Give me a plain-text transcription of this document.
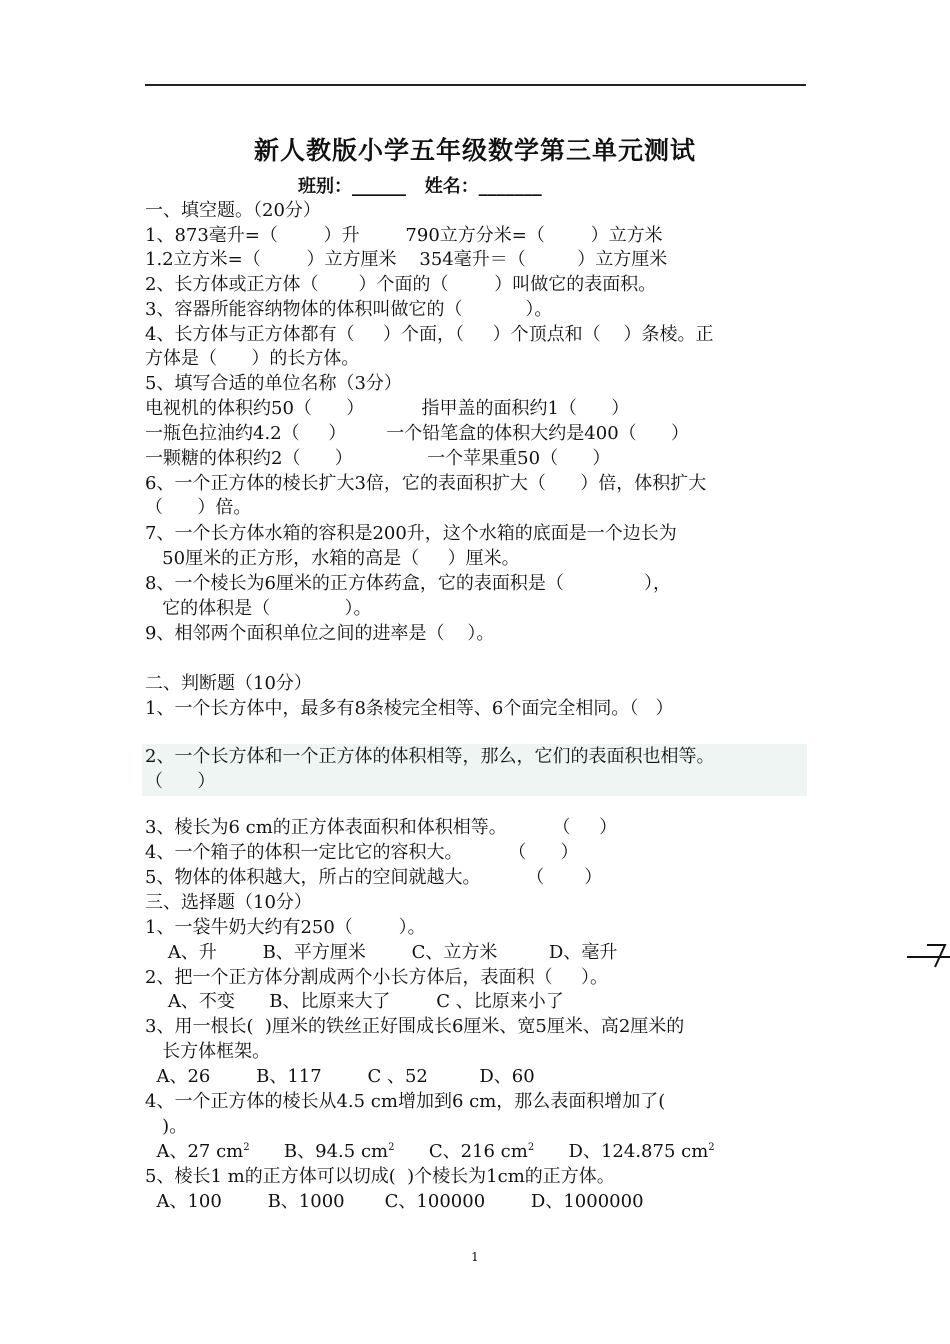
新人教版小学五年级数学第三单元测试
班别：______   姓名：_______
一、填空题。（20分）
1、873毫升=（        ）升        790立方分米=（        ）立方米
1.2立方米=（        ）立方厘米    354毫升＝（         ）立方厘米
2、长方体或正方体（       ）个面的（        ）叫做它的表面积。
3、容器所能容纳物体的体积叫做它的（           ）。
4、长方体与正方体都有（     ）个面，（     ）个顶点和（    ）条棱。正
方体是（      ）的长方体。
5、填写合适的单位名称（3分）
电视机的体积约50（      ）          指甲盖的面积约1（      ）
一瓶色拉油约4.2（     ）       一个铅笔盒的体积大约是400（      ）
一颗糖的体积约2（      ）             一个苹果重50（      ）
6、一个正方体的棱长扩大3倍，它的表面积扩大（      ）倍，体积扩大
（      ）倍。
7、一个长方体水箱的容积是200升，这个水箱的底面是一个边长为
50厘米的正方形，水箱的高是（     ）厘米。
8、一个棱长为6厘米的正方体药盒，它的表面积是（              ），
它的体积是（             ）。
9、相邻两个面积单位之间的进率是（    ）。
二、判断题（10分）
1、一个长方体中，最多有8条棱完全相等、6个面完全相同。（   ）
2、一个长方体和一个正方体的体积相等，那么，它们的表面积也相等。
（      ）
3、棱长为6 cm的正方体表面积和体积相等。        （     ）
4、一个箱子的体积一定比它的容积大。        （      ）
5、物体的体积越大，所占的空间就越大。        （       ）
三、选择题（10分）
1、一袋牛奶大约有250（        ）。
A、升        B、平方厘米        C、立方米         D、毫升
2、把一个正方体分割成两个小长方体后，表面积（     ）。
A、不变      B、比原来大了        C 、比原来小了
3、用一根长(  )厘米的铁丝正好围成长6厘米、宽5厘米、高2厘米的
长方体框架。
A、26        B、117        C 、52         D、60
4、一个正方体的棱长从4.5 cm增加到6 cm，那么表面积增加了(
)。
A、27 $cm^2$      B、94.5 $cm^2$      C、216 $cm^2$      D、124.875 $cm^2$
5、棱长1 m的正方体可以切成(  )个棱长为1cm的正方体。
A、100        B、1000       C、100000        D、1000000
1
